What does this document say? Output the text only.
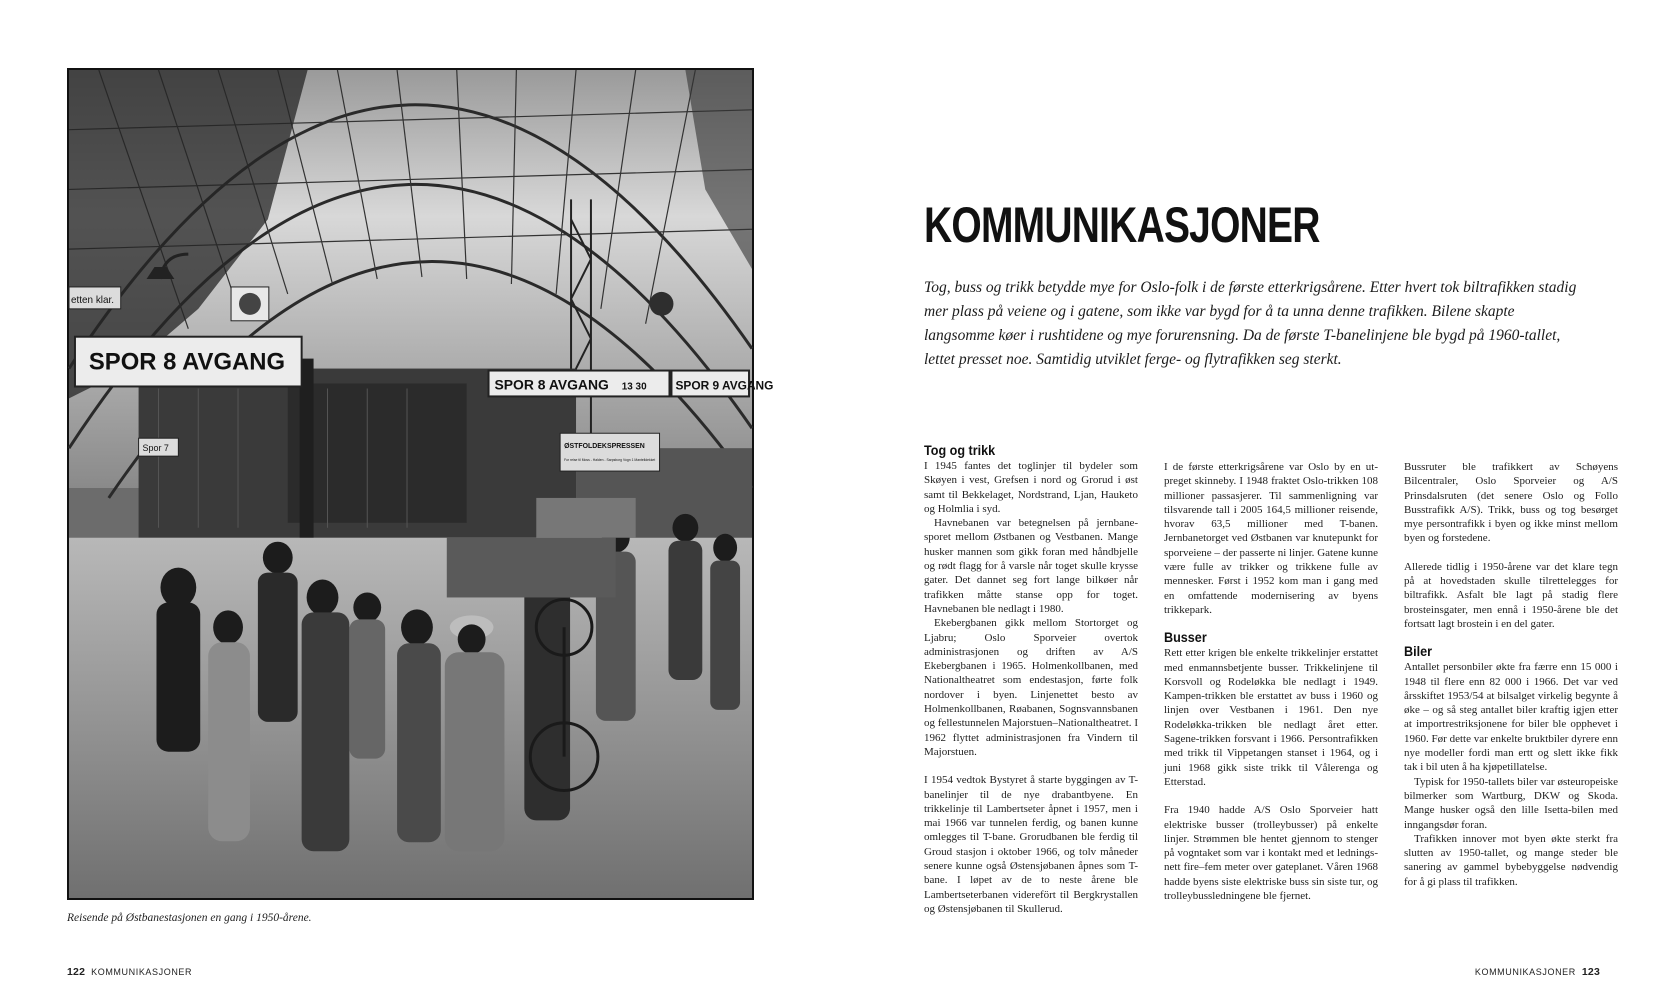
SPOR 8 AVGANG
SPOR 8 AVGANG 13 30 SPOR 9 AVGANG
etten klar.
Spor 7	ØSTFOLDEKSPRESSEN
For reise til Moss - Halden - Sarpsborg Vogn 1 Mantelldekket
Reisende på Østbanestasjonen en gang i 1950-årene.
122 KOMMUNIKASJONER
KOMMUNIKASJONER
Tog, buss og trikk betydde mye for Oslo-folk i de første etterkrigsårene. Etter hvert tok biltrafikken stadig mer plass på veiene og i gatene, som ikke var bygd for å ta unna denne trafikken. Bilene skapte langsomme køer i rushtidene og mye forurensning. Da de første T-banelinjene ble bygd på 1960-tallet, lettet presset noe. Samtidig utviklet ferge- og flytrafikken seg sterkt.
Tog og trikk

I 1945 fantes det toglinjer til bydeler som Skøyen i vest, Grefsen i nord og Grorud i øst samt til Bekkelaget, Nordstrand, Ljan, Hauketo og Holmlia i syd.

Havnebanen var betegnelsen på jernbane-sporet mellom Østbanen og Vestbanen. Mange husker mannen som gikk foran med håndbjelle og rødt flagg for å varsle når toget skulle krysse gater. Det dannet seg fort lange bilkøer når trafikken måtte stanse opp for toget. Havnebanen ble nedlagt i 1980.

Ekebergbanen gikk mellom Stortorget og Ljabru; Oslo Sporveier overtok administrasjonen og driften av A/S Ekebergbanen i 1965. Holmenkollbanen, med Nationaltheatret som endestasjon, førte folk nordover i byen. Linjenettet besto av Holmenkollbanen, Røabanen, Sognsvannsbanen og fellestunnelen Majorstuen–Nationaltheatret. I 1962 flyttet administrasjonen fra Vindern til Majorstuen.

I 1954 vedtok Bystyret å starte byggingen av T-banelinjer til de nye drabantbyene. En trikkelinje til Lambertseter åpnet i 1957, men i mai 1966 var tunnelen ferdig, og banen kunne omlegges til T-bane. Grorudbanen ble ferdig til Groud stasjon i oktober 1966, og tolv måneder senere kunne også Østensjøbanen åpnes som T-bane. I løpet av de to neste årene ble Lambertseterbanen viderefört til Bergkrystallen og Østensjøbanen til Skullerud.

I de første etterkrigsårene var Oslo by en ut-preget skinneby. I 1948 fraktet Oslo-trikken 108 millioner passasjerer. Til sammenligning var tilsvarende tall i 2005 164,5 millioner reisende, hvorav 63,5 millioner med T-banen. Jernbanetorget ved Østbanen var knutepunkt for sporveiene – der passerte ni linjer. Gatene kunne være fulle av trikker og trikkene fulle av mennesker. Først i 1952 kom man i gang med en omfattende modernisering av byens trikkepark.

Busser

Rett etter krigen ble enkelte trikkelinjer erstattet med enmannsbetjente busser. Trikkelinjene til Korsvoll og Rodeløkka ble nedlagt i 1949. Kampen-trikken ble erstattet av buss i 1960 og linjen over Vestbanen i 1961. Den nye Rodeløkka-trikken ble nedlagt året etter. Sagene-trikken forsvant i 1966. Persontrafikken med trikk til Vippetangen stanset i 1964, og i juni 1968 gikk siste trikk til Vålerenga og Etterstad.

Fra 1940 hadde A/S Oslo Sporveier hatt elektriske busser (trolleybusser) på enkelte linjer. Strømmen ble hentet gjennom to stenger på vogntaket som var i kontakt med et lednings-nett fire–fem meter over gateplanet. Våren 1968 hadde byens siste elektriske buss sin siste tur, og trolleybussledningene ble fjernet.

Bussruter ble trafikkert av Schøyens Bilcentraler, Oslo Sporveier og A/S Prinsdalsruten (det senere Oslo og Follo Busstrafikk A/S). Trikk, buss og tog besørget mye persontrafikk i byen og ikke minst mellom byen og forstedene.

Allerede tidlig i 1950-årene var det klare tegn på at hovedstaden skulle tilrettelegges for biltrafikk. Asfalt ble lagt på stadig flere brosteinsgater, men ennå i 1950-årene ble det fortsatt lagt brostein i en del gater.

Biler

Antallet personbiler økte fra færre enn 15 000 i 1948 til flere enn 82 000 i 1966. Det var ved årsskiftet 1953/54 at bilsalget virkelig begynte å øke – og så steg antallet biler kraftig igjen etter at importrestriksjonene for biler ble opphevet i 1960. Før dette var enkelte bruktbiler dyrere enn nye modeller fordi man ertt og slett ikke fikk tak i bil uten å ha kjøpetillatelse.

Typisk for 1950-tallets biler var østeuropeiske bilmerker som Wartburg, DKW og Skoda. Mange husker også den lille Isetta-bilen med inngangsdør foran.

Trafikken innover mot byen økte sterkt fra slutten av 1950-tallet, og mange steder ble sanering av gammel bybebyggelse nødvendig for å gi plass til trafikken.

KOMMUNIKASJONER 123
